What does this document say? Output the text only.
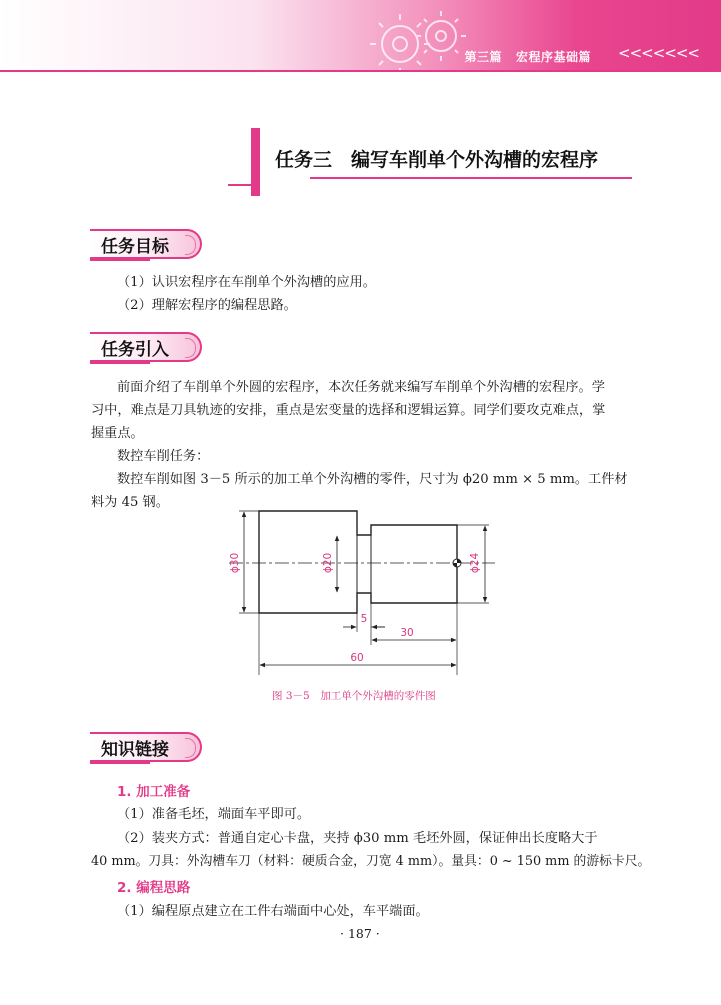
第三篇 宏程序基础篇 <<<<<<<
任务三　编写车削单个外沟槽的宏程序
任务目标
（1）认识宏程序在车削单个外沟槽的应用。
（2）理解宏程序的编程思路。
任务引入
前面介绍了车削单个外圆的宏程序，本次任务就来编写车削单个外沟槽的宏程序。学
习中，难点是刀具轨迹的安排，重点是宏变量的选择和逻辑运算。同学们要攻克难点，掌
握重点。
数控车削任务：
数控车削如图 3－5 所示的加工单个外沟槽的零件，尺寸为 ϕ20 mm × 5 mm。工件材
料为 45 钢。
ϕ30	ϕ20	ϕ24
5
30
60
图 3－5　加工单个外沟槽的零件图
知识链接
1. 加工准备
（1）准备毛坯，端面车平即可。
（2）装夹方式：普通自定心卡盘，夹持 ϕ30 mm 毛坯外圆，保证伸出长度略大于
40 mm。刀具：外沟槽车刀（材料：硬质合金，刀宽 4 mm）。量具：0 ~ 150 mm 的游标卡尺。
2. 编程思路
（1）编程原点建立在工件右端面中心处，车平端面。
· 187 ·
